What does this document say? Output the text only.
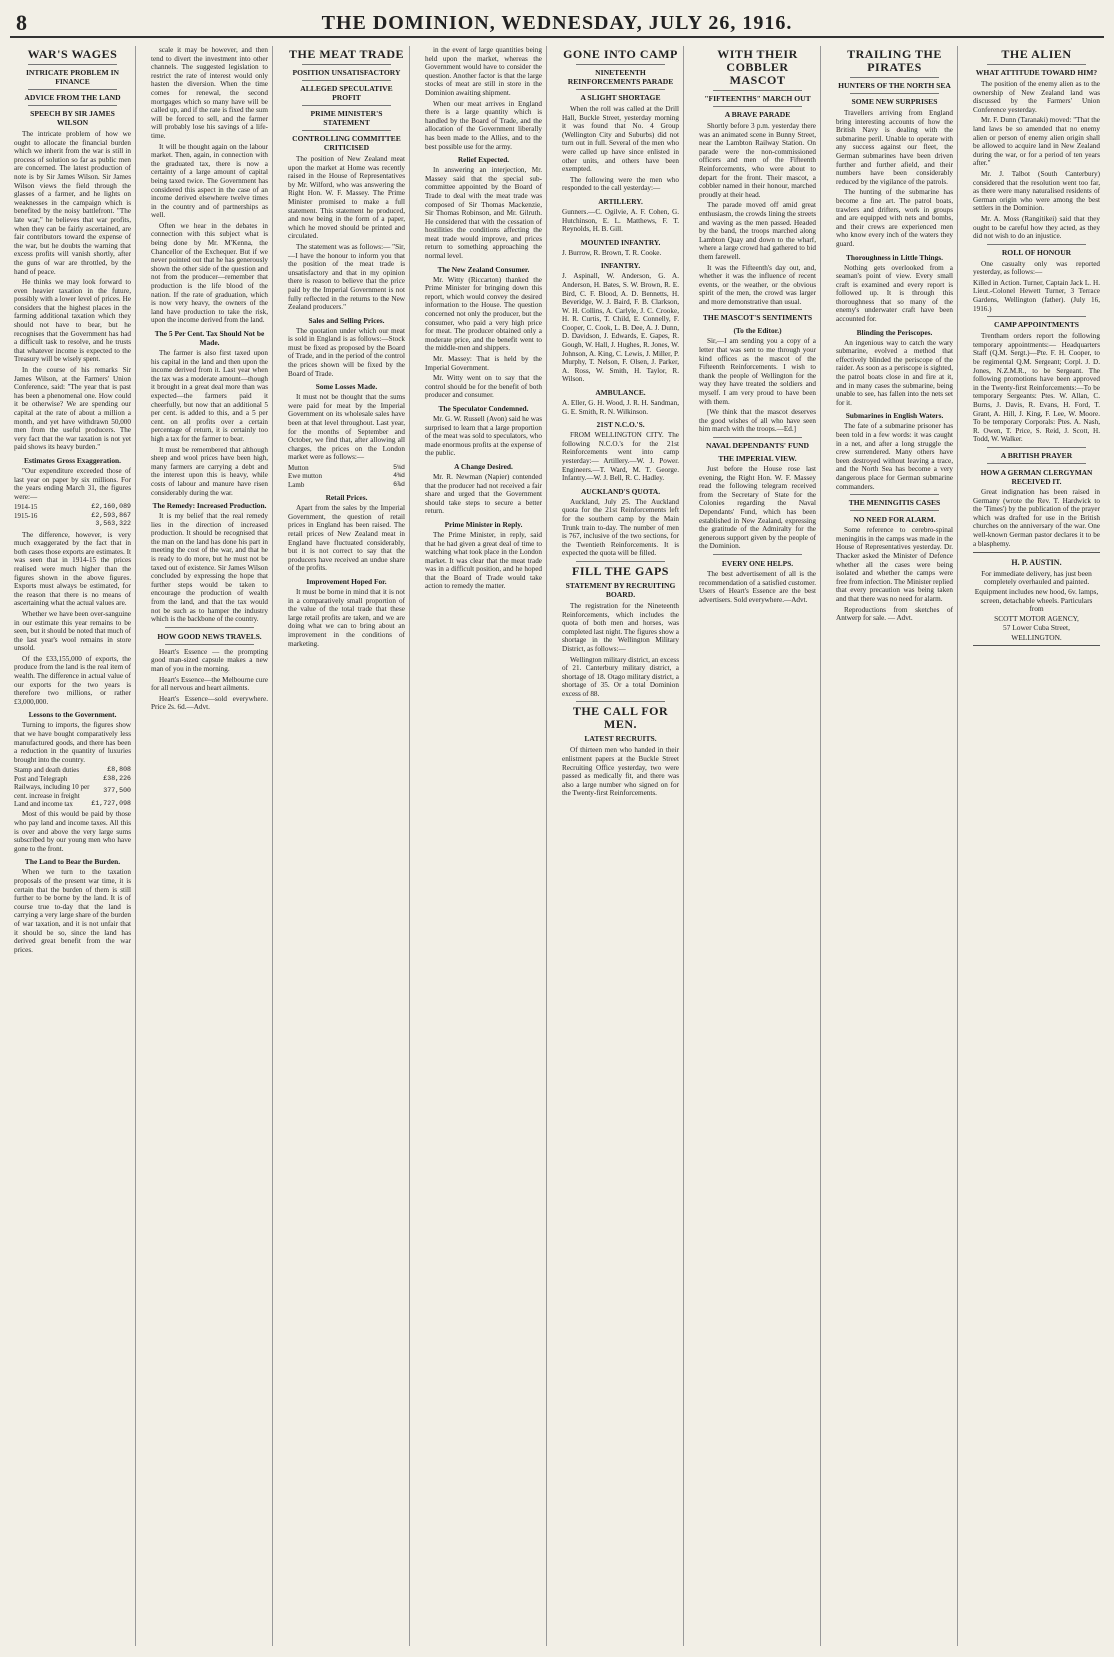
8	THE DOMINION, WEDNESDAY, JULY 26, 1916.
WAR'S WAGES
INTRICATE PROBLEM IN FINANCE
ADVICE FROM THE LAND
SPEECH BY SIR JAMES WILSON

The intricate problem of how we ought to allocate the financial burden which we inherit from the war is still in process of solution so far as public men are concerned. The latest production of note is by Sir James Wilson. Sir James Wilson views the field through the glasses of a farmer, and he lights on weaknesses in the campaign which is benefited by the noisy battlefront. "The late war," he believes that war profits, when they can be fairly ascertained, are fair contributors toward the expense of the war, but he doubts the warning that excess profits will vanish shortly, after the guns of war are throttled, by the hand of peace.

He thinks we may look forward to even heavier taxation in the future, possibly with a lower level of prices. He considers that the highest places in the farming additional taxation which they should not have to bear, but he recognises that the Government has had a difficult task to resolve, and he trusts that whatever income is expected to the Treasury will be wisely spent.

In the course of his remarks Sir James Wilson, at the Farmers' Union Conference, said: "The year that is past has been a phenomenal one. How could it be otherwise? We are spending our capital at the rate of about a million a month, and yet have withdrawn 50,000 men from the useful producers. The very fact that the war taxation is not yet paid shows its heavy burden."

Estimates Gross Exaggeration.

"Our expenditure exceeded those of last year on paper by six millions. For the years ending March 31, the figures were:—

1914-15	£2,160,089
1915-16	£2,593,867
	3,563,322

The difference, however, is very much exaggerated by the fact that in both cases those exports are estimates. It was seen that in 1914-15 the prices realised were much higher than the figures shown in the above figures. Exports must always be estimated, for the reason that there is no means of ascertaining what the actual values are.

Whether we have been over-sanguine in our estimate this year remains to be seen, but it should be noted that much of the last year's wool remains in store unsold.

Of the £33,155,000 of exports, the produce from the land is the real item of wealth. The difference in actual value of our exports for the two years is therefore two millions, or rather £3,000,000.

Lessons to the Government.

Turning to imports, the figures show that we have bought comparatively less manufactured goods, and there has been a reduction in the quantity of luxuries brought into the country.

Stamp and death duties	£8,808
Post and Telegraph	£38,226
Railways, including 10 per cent. increase in freight	377,500
Land and income tax	£1,727,098

Most of this would be paid by those who pay land and income taxes. All this is over and above the very large sums subscribed by our young men who have gone to the front.

The Land to Bear the Burden.

When we turn to the taxation proposals of the present war time, it is certain that the burden of them is still further to be borne by the land. It is of course true to-day that the land is carrying a very large share of the burden of war taxation, and it is not unfair that it should be so, since the land has derived great benefit from the war prices.

scale it may be however, and then tend to divert the investment into other channels. The suggested legislation to restrict the rate of interest would only hasten the diversion. When the time comes for renewal, the second mortgages which so many have will be called up, and if the rate is fixed the sum will be forced to sell, and the farmer will probably lose his savings of a life-time.

It will be thought again on the labour market. Then, again, in connection with the graduated tax, there is now a certainty of a large amount of capital being taxed twice. The Government has considered this aspect in the case of an income derived elsewhere twelve times in the country and of partnerships as well.

Often we hear in the debates in connection with this subject what is being done by Mr. M'Kenna, the Chancellor of the Exchequer. But if we never pointed out that he has generously shown the other side of the question and not from the producer—remember that production is the life blood of the nation. If the rate of graduation, which is now very heavy, the owners of the land have production to take the risk, upon the income derived from the land.

The 5 Per Cent. Tax Should Not be Made.

The farmer is also first taxed upon his capital in the land and then upon the income derived from it. Last year when the tax was a moderate amount—though it brought in a great deal more than was expected—the farmers paid it cheerfully, but now that an additional 5 per cent. is added to this, and a 5 per cent. on all profits over a certain percentage of return, it is certainly too high a tax for the farmer to bear.

It must be remembered that although sheep and wool prices have been high, many farmers are carrying a debt and the interest upon this is heavy, while costs of labour and manure have risen considerably during the war.

The Remedy: Increased Production.

It is my belief that the real remedy lies in the direction of increased production. It should be recognised that the man on the land has done his part in meeting the cost of the war, and that he is ready to do more, but he must not be taxed out of existence. Sir James Wilson concluded by expressing the hope that further steps would be taken to encourage the production of wealth from the land, and that the tax would not be such as to hamper the industry which is the backbone of the country.

HOW GOOD NEWS TRAVELS.

Heart's Essence — the prompting good man-sized capsule makes a new man of you in the morning.

Heart's Essence—the Melbourne cure for all nervous and heart ailments.

Heart's Essence—sold everywhere. Price 2s. 6d.—Advt.

THE MEAT TRADE
POSITION UNSATISFACTORY
ALLEGED SPECULATIVE PROFIT
PRIME MINISTER'S STATEMENT
CONTROLLING COMMITTEE CRITICISED

The position of New Zealand meat upon the market at Home was recently raised in the House of Representatives by Mr. Wilford, who was answering the Right Hon. W. F. Massey. The Prime Minister promised to make a full statement. This statement he produced, and now being in the form of a paper, which he moved should be printed and circulated.

The statement was as follows:— "Sir,—I have the honour to inform you that the position of the meat trade is unsatisfactory and that in my opinion there is reason to believe that the price paid by the Imperial Government is not fully reflected in the returns to the New Zealand producers."

Sales and Selling Prices.

The quotation under which our meat is sold in England is as follows:—Stock must be fixed as proposed by the Board of Trade, and in the period of the control the prices shown will be fixed by the Board of Trade.

Some Losses Made.

It must not be thought that the sums were paid for meat by the Imperial Government on its wholesale sales have been at that level throughout. Last year, for the months of September and October, we find that, after allowing all charges, the prices on the London market were as follows:—

Mutton	5¼d
Ewe mutton	4¾d
Lamb	6⅞d
Retail Prices.

Apart from the sales by the Imperial Government, the question of retail prices in England has been raised. The retail prices of New Zealand meat in England have fluctuated considerably, but it is not correct to say that the producers have received an undue share of the profits.

Improvement Hoped For.

It must be borne in mind that it is not in a comparatively small proportion of the value of the total trade that these large retail profits are taken, and we are doing what we can to bring about an improvement in the conditions of marketing.

in the event of large quantities being held upon the market, whereas the Government would have to consider the question. Another factor is that the large stocks of meat are still in store in the Dominion awaiting shipment.

When our meat arrives in England there is a large quantity which is handled by the Board of Trade, and the allocation of the Government liberally has been made to the Allies, and to the best possible use for the army.

Relief Expected.

In answering an interjection, Mr. Massey said that the special sub-committee appointed by the Board of Trade to deal with the meat trade was composed of Sir Thomas Mackenzie, Sir Thomas Robinson, and Mr. Gilruth. He considered that with the cessation of hostilities the conditions affecting the meat trade would improve, and prices return to something approaching the normal level.

The New Zealand Consumer.

Mr. Witty (Riccarton) thanked the Prime Minister for bringing down this report, which would convey the desired information to the House. The question concerned not only the producer, but the consumer, who paid a very high price for meat. The producer obtained only a moderate price, and the benefit went to the middle-men and shippers.

Mr. Massey: That is held by the Imperial Government.

Mr. Witty went on to say that the control should be for the benefit of both producer and consumer.

The Speculator Condemned.

Mr. G. W. Russell (Avon) said he was surprised to learn that a large proportion of the meat was sold to speculators, who made enormous profits at the expense of the public.

A Change Desired.

Mr. R. Newman (Napier) contended that the producer had not received a fair share and urged that the Government should take steps to secure a better return.

Prime Minister in Reply.

The Prime Minister, in reply, said that he had given a great deal of time to watching what took place in the London market. It was clear that the meat trade was in a difficult position, and he hoped that the Board of Trade would take action to remedy the matter.

GONE INTO CAMP
NINETEENTH REINFORCEMENTS PARADE
A SLIGHT SHORTAGE

When the roll was called at the Drill Hall, Buckle Street, yesterday morning it was found that No. 4 Group (Wellington City and Suburbs) did not turn out in full. Several of the men who were called up have since enlisted in other units, and others have been exempted.

The following were the men who responded to the call yesterday:—

ARTILLERY.

Gunners.—C. Ogilvie, A. F. Cohen, G. Hutchinson, E. L. Matthews, F. T. Reynolds, H. B. Gill.

MOUNTED INFANTRY.

J. Burrow, R. Brown, T. R. Cooke.

INFANTRY.

J. Aspinall, W. Anderson, G. A. Anderson, H. Bates, S. W. Brown, R. E. Bird, C. F. Blood, A. D. Bennetts, H. Beveridge, W. J. Baird, F. B. Clarkson, W. H. Collins, A. Carlyle, J. C. Crooke, H. R. Curtis, T. Child, E. Connelly, F. Cooper, C. Cook, L. B. Dee, A. J. Dunn, D. Davidson, J. Edwards, E. Gapes, R. Gough, W. Hall, J. Hughes, R. Jones, W. Johnson, A. King, C. Lewis, J. Miller, P. Murphy, T. Nelson, F. Olsen, J. Parker, A. Ross, W. Smith, H. Taylor, R. Wilson.

AMBULANCE.

A. Eller, G. H. Wood, J. R. H. Sandman, G. E. Smith, R. N. Wilkinson.

21ST N.C.O.'S.

FROM WELLINGTON CITY. The following N.C.O.'s for the 21st Reinforcements went into camp yesterday:— Artillery.—W. J. Power. Engineers.—T. Ward, M. T. George. Infantry.—W. J. Bell, R. C. Hadley.

AUCKLAND'S QUOTA.

Auckland, July 25. The Auckland quota for the 21st Reinforcements left for the southern camp by the Main Trunk train to-day. The number of men is 767, inclusive of the two sections, for the Twentieth Reinforcements. It is expected the quota will be filled.

FILL THE GAPS
STATEMENT BY RECRUITING BOARD.

The registration for the Nineteenth Reinforcements, which includes the quota of both men and horses, was completed last night. The figures show a shortage in the Wellington Military District, as follows:—

Wellington military district, an excess of 21. Canterbury military district, a shortage of 18. Otago military district, a shortage of 35. Or a total Dominion excess of 88.

THE CALL FOR MEN.
LATEST RECRUITS.

Of thirteen men who handed in their enlistment papers at the Buckle Street Recruiting Office yesterday, two were passed as medically fit, and there was also a large number who signed on for the Twenty-first Reinforcements.

WITH THEIR COBBLER MASCOT
"FIFTEENTHS" MARCH OUT
A BRAVE PARADE

Shortly before 3 p.m. yesterday there was an animated scene in Bunny Street, near the Lambton Railway Station. On parade were the non-commissioned officers and men of the Fifteenth Reinforcements, who were about to depart for the front. Their mascot, a cobbler named in their honour, marched proudly at their head.

The parade moved off amid great enthusiasm, the crowds lining the streets and waving as the men passed. Headed by the band, the troops marched along Lambton Quay and down to the wharf, where a large crowd had gathered to bid them farewell.

It was the Fifteenth's day out, and, whether it was the influence of recent events, or the weather, or the obvious spirit of the men, the crowd was larger and more demonstrative than usual.

THE MASCOT'S SENTIMENTS
(To the Editor.)

Sir,—I am sending you a copy of a letter that was sent to me through your kind offices as the mascot of the Fifteenth Reinforcements. I wish to thank the people of Wellington for the way they have treated the soldiers and myself. I am very proud to have been with them.

[We think that the mascot deserves the good wishes of all who have seen him march with the troops.—Ed.]

NAVAL DEPENDANTS' FUND
THE IMPERIAL VIEW.

Just before the House rose last evening, the Right Hon. W. F. Massey read the following telegram received from the Secretary of State for the Colonies regarding the Naval Dependants' Fund, which has been established in New Zealand, expressing the gratitude of the Admiralty for the generous support given by the people of the Dominion.

EVERY ONE HELPS.

The best advertisement of all is the recommendation of a satisfied customer. Users of Heart's Essence are the best advertisers. Sold everywhere.—Advt.

TRAILING THE PIRATES
HUNTERS OF THE NORTH SEA
SOME NEW SURPRISES

Travellers arriving from England bring interesting accounts of how the British Navy is dealing with the submarine peril. Unable to operate with any success against our fleet, the German submarines have been driven further and further afield, and their numbers have been considerably reduced by the vigilance of the patrols.

The hunting of the submarine has become a fine art. The patrol boats, trawlers and drifters, work in groups and are equipped with nets and bombs, and their crews are experienced men who know every inch of the waters they guard.

Thoroughness in Little Things.

Nothing gets overlooked from a seaman's point of view. Every small craft is examined and every report is followed up. It is through this thoroughness that so many of the enemy's underwater craft have been accounted for.

Blinding the Periscopes.

An ingenious way to catch the wary submarine, evolved a method that effectively blinded the periscope of the raider. As soon as a periscope is sighted, the patrol boats close in and fire at it, and in many cases the submarine, being unable to see, has fallen into the nets set for it.

Submarines in English Waters.

The fate of a submarine prisoner has been told in a few words: it was caught in a net, and after a long struggle the crew surrendered. Many others have been destroyed without leaving a trace, and the North Sea has become a very dangerous place for German submarine commanders.

THE MENINGITIS CASES
NO NEED FOR ALARM.

Some reference to cerebro-spinal meningitis in the camps was made in the House of Representatives yesterday. Dr. Thacker asked the Minister of Defence whether all the cases were being isolated and whether the camps were free from infection. The Minister replied that every precaution was being taken and that there was no need for alarm.

Reproductions from sketches of Antwerp for sale. — Advt.

THE ALIEN
WHAT ATTITUDE TOWARD HIM?

The position of the enemy alien as to the ownership of New Zealand land was discussed by the Farmers' Union Conference yesterday.

Mr. F. Dunn (Taranaki) moved: "That the land laws be so amended that no enemy alien or person of enemy alien origin shall be allowed to acquire land in New Zealand during the war, or for a period of ten years after."

Mr. J. Talbot (South Canterbury) considered that the resolution went too far, as there were many naturalised residents of German origin who were among the best settlers in the Dominion.

Mr. A. Moss (Rangitikei) said that they ought to be careful how they acted, as they did not wish to do an injustice.

ROLL OF HONOUR

One casualty only was reported yesterday, as follows:—

Killed in Action. Turner, Captain Jack L. H. Lieut.-Colonel Hewett Turner, 3 Terrace Gardens, Wellington (father). (July 16, 1916.)

CAMP APPOINTMENTS

Trentham orders report the following temporary appointments:— Headquarters Staff (Q.M. Sergt.)—Pte. F. H. Cooper, to be regimental Q.M. Sergeant; Corpl. J. D. Jones, N.Z.M.R., to be Sergeant. The following promotions have been approved in the Twenty-first Reinforcements:—To be temporary Sergeants: Ptes. W. Allan, C. Burns, J. Davis, R. Evans, H. Ford, T. Grant, A. Hill, J. King, F. Lee, W. Moore. To be temporary Corporals: Ptes. A. Nash, R. Owen, T. Price, S. Reid, J. Scott, H. Todd, W. Walker.

A BRITISH PRAYER
HOW A GERMAN CLERGYMAN RECEIVED IT.

Great indignation has been raised in Germany (wrote the Rev. T. Hardwick to the 'Times') by the publication of the prayer which was drafted for use in the British churches on the anniversary of the war. One well-known German pastor declares it to be a blasphemy.

H. P. AUSTIN.

For immediate delivery, has just been completely overhauled and painted.

Equipment includes new hood, 6v. lamps, screen, detachable wheels. Particulars from

SCOTT MOTOR AGENCY,

57 Lower Cuba Street,

WELLINGTON.
